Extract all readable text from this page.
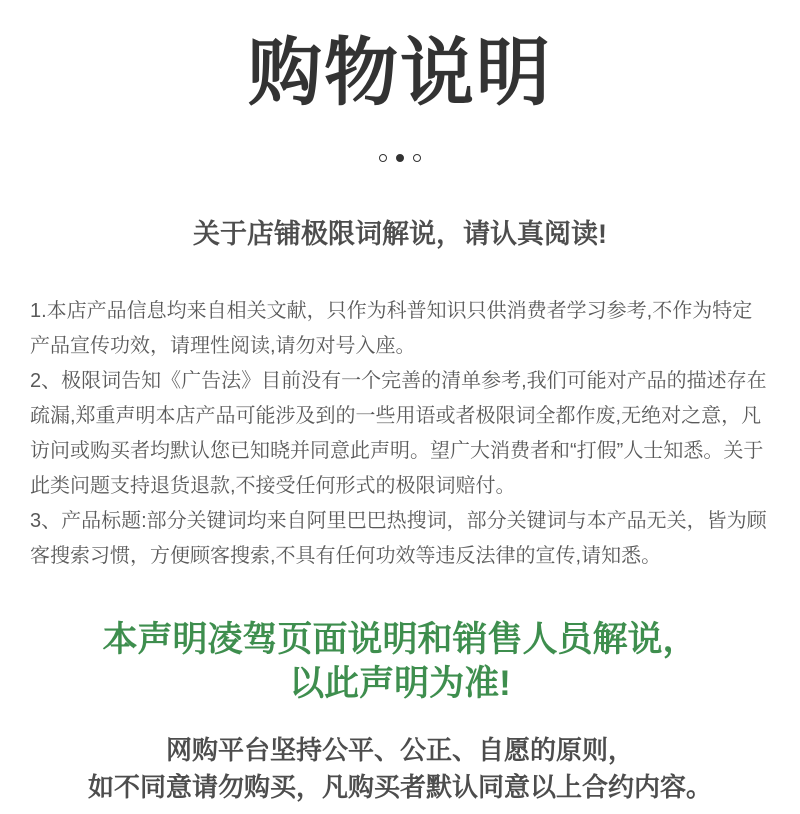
购物说明
关于店铺极限词解说，请认真阅读!

1.本店产品信息均来自相关文献，只作为科普知识只供消费者学习参考,不作为特定产品宣传功效，请理性阅读,请勿对号入座。

2、极限词告知《广告法》目前没有一个完善的清单参考,我们可能对产品的描述存在疏漏,郑重声明本店产品可能涉及到的一些用语或者极限词全都作废,无绝对之意，凡访问或购买者均默认您已知晓并同意此声明。望广大消费者和“打假”人士知悉。关于此类问题支持退货退款,不接受任何形式的极限词赔付。

3、产品标题:部分关键词均来自阿里巴巴热搜词，部分关键词与本产品无关，皆为顾客搜索习惯，方便顾客搜索,不具有任何功效等违反法律的宣传,请知悉。

本声明凌驾页面说明和销售人员解说，
以此声明为准!
网购平台坚持公平、公正、自愿的原则，
如不同意请勿购买，凡购买者默认同意以上合约内容。
